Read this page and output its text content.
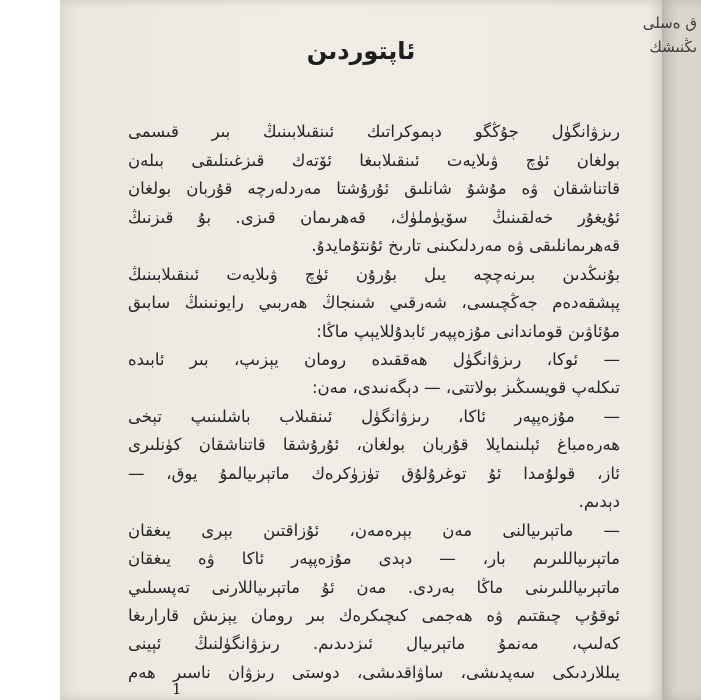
ق ەسلى
ىڭنىشك
ئاپتوردىن
رىزۋانگۈل جۇڭگو دېموكراتىك ئىنقىلابىنىڭ بىر قىسمى
بولغان ئۈچ ۋىلايەت ئىنقىلابىغا ئۆتەك قىزغىنلىقى بىلەن
قاتناشقان ۋە مۇشۇ شانلىق ئۇرۇشتا مەردلەرچە قۇربان بولغان
ئۇيغۇر خەلقىنىڭ سۆيۈملۈك، قەھرىمان قىزى. بۇ قىزنىڭ
قەھرىمانلىقى ۋە مەردلىكىنى تارىخ ئۇنتۇمايدۇ.
بۇنىڭدىن بىرنەچچە يىل بۇرۇن ئۈچ ۋىلايەت ئىنقىلابىنىڭ
پېشقەدەم جەڭچىسى، شەرقىي شىنجاڭ ھەربىي رايونىنىڭ سابىق
مۇئاۋىن قوماندانى مۇزەپپەر ئابدۇللايېپ ماڭا:
— ئوكا، رىزۋانگۈل ھەققىدە رومان يېزىپ، بىر ئابىدە
تىكلەپ قويسىڭىز بولاتتى، — دېگەنىدى، مەن:
— مۇزەپپەر ئاكا، رىزۋانگۈل ئىنقىلاب باشلىنىپ تېخى
ھەرەمباغ ئېلىنمايلا قۇربان بولغان، ئۇرۇشقا قاتناشقان كۈنلىرى
ئاز، قولۇمدا ئۇ توغرۇلۇق تۈزۈكرەك ماتېرىيالمۇ يوق، —
دېدىم.
— ماتېرىيالنى مەن بېرەمەن، ئۇزاقتىن بېرى يىغقان
ماتېرىياللىرىم بار، — دېدى مۇزەپپەر ئاكا ۋە يىغقان
ماتېرىياللىرىنى ماڭا بەردى. مەن ئۇ ماتېرىياللارنى تەپسىلىي
ئوقۇپ چىقتىم ۋە ھەجمى كىچىكرەك بىر رومان يېزىش قارارىغا
كەلىپ، مەنمۇ ماتېرىيال ئىزدىدىم. رىزۋانگۈلنىڭ ئېينى
يىللاردىكى سەپدىشى، ساۋاقدىشى، دوستى رىزۋان ناسىر ھەم
1
